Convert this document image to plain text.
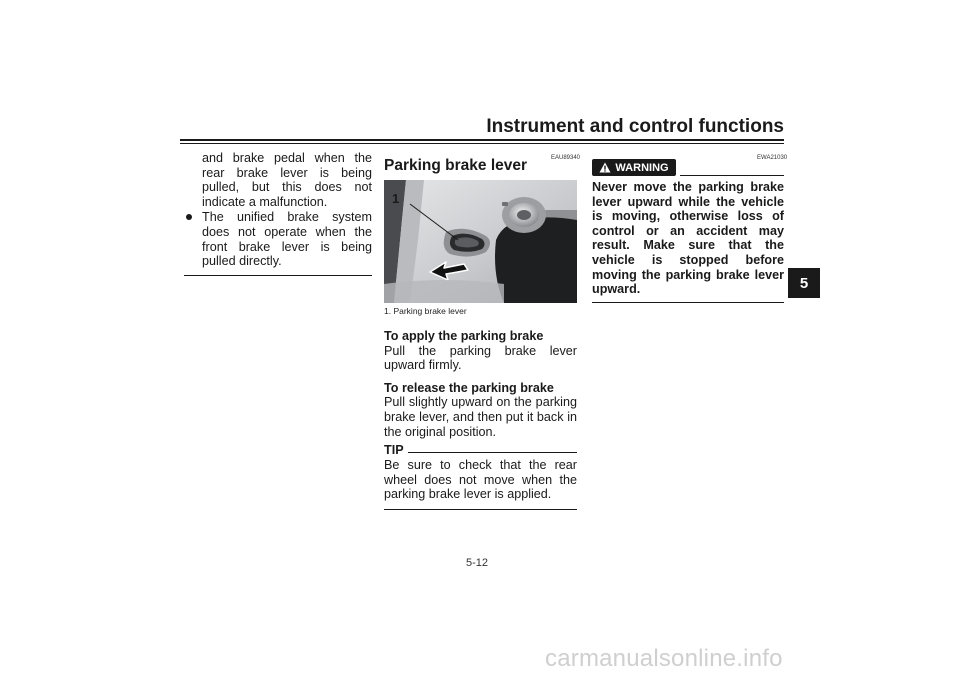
Instrument and control functions
5

and brake pedal when the rear brake lever is being pulled, but this does not indicate a malfunction.

The unified brake system does not operate when the front brake lever is being pulled directly.
EAU89340
Parking brake lever
1
1. Parking brake lever
To apply the parking brake
Pull the parking brake lever upward firmly.
To release the parking brake
Pull slightly upward on the parking brake lever, and then put it back in the original position.
TIP
Be sure to check that the rear wheel does not move when the parking brake lever is applied.
EWA21030
WARNING
Never move the parking brake lever upward while the vehicle is moving, otherwise loss of control or an accident may result. Make sure that the vehicle is stopped before moving the parking brake lever upward.
5-12
carmanualsonline.info
